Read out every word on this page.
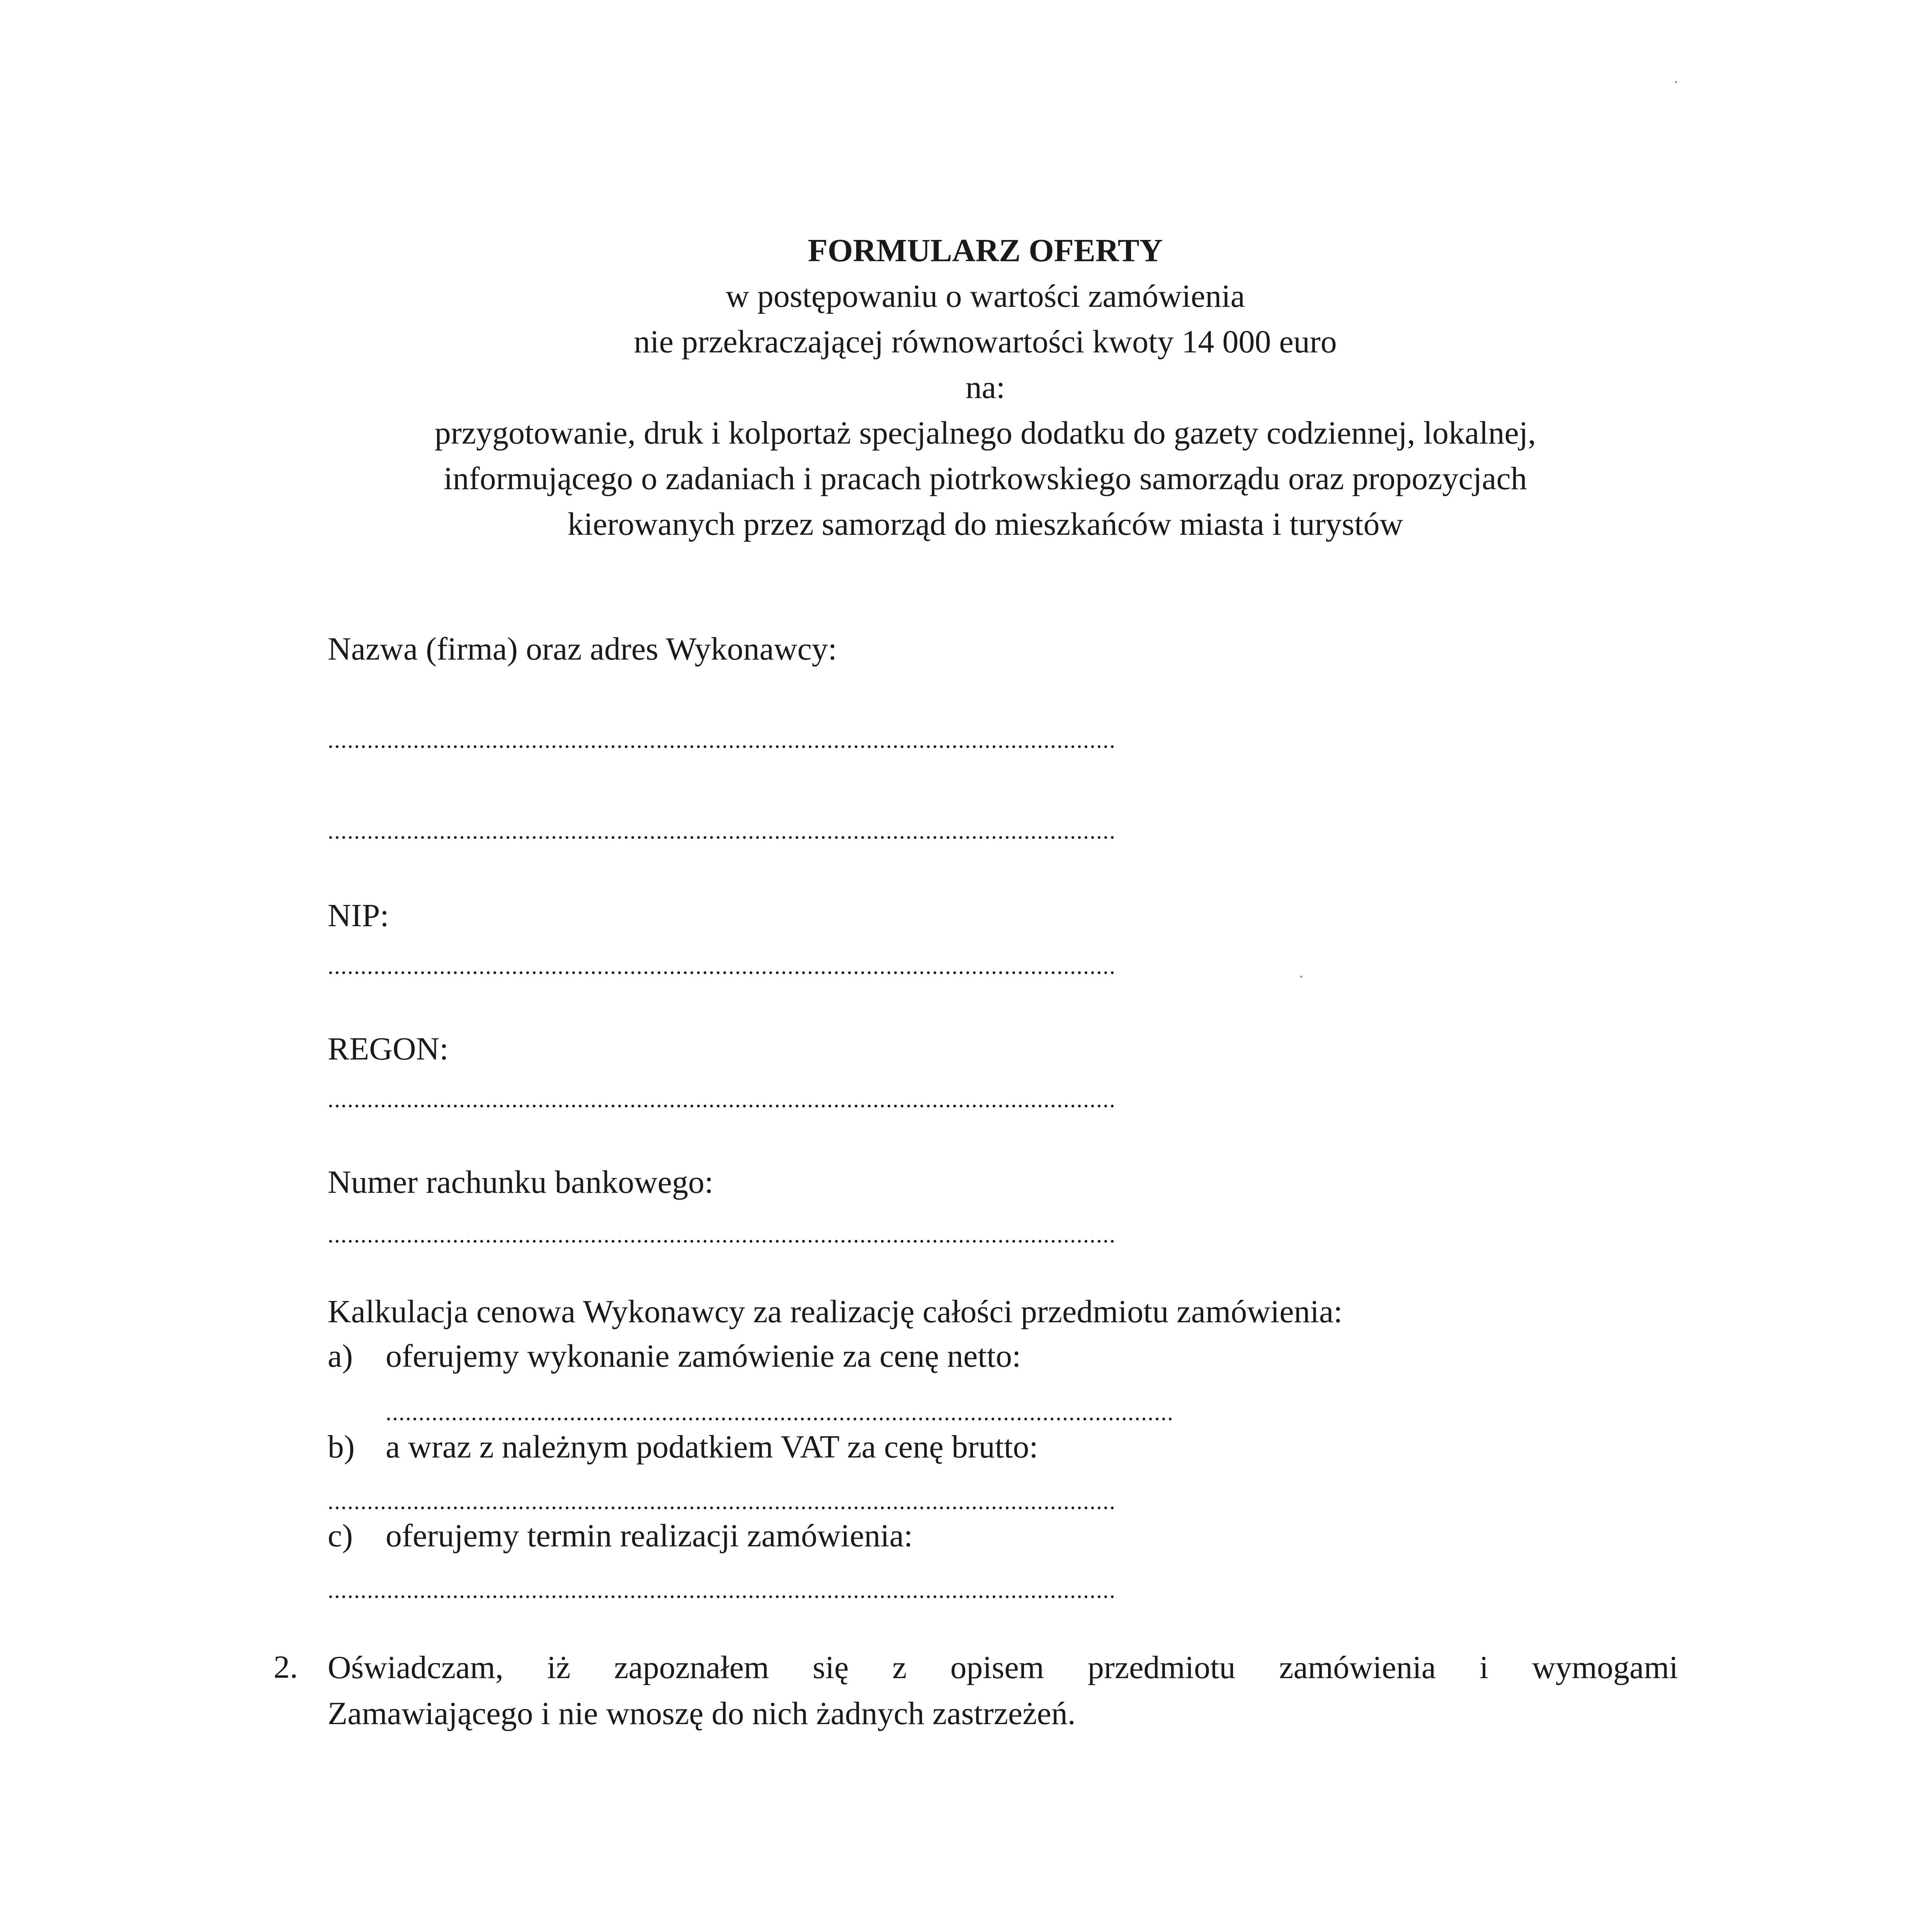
FORMULARZ OFERTY
w postępowaniu o wartości zamówienia
nie przekraczającej równowartości kwoty 14 000 euro
na:
przygotowanie, druk i kolportaż specjalnego dodatku do gazety codziennej, lokalnej,
informującego o zadaniach i pracach piotrkowskiego samorządu oraz propozycjach
kierowanych przez samorząd do mieszkańców miasta i turystów
Nazwa (firma) oraz adres Wykonawcy:
........................................................................................................................
........................................................................................................................
NIP:
........................................................................................................................
REGON:
........................................................................................................................
Numer rachunku bankowego:
........................................................................................................................
Kalkulacja cenowa Wykonawcy za realizację całości przedmiotu zamówienia:
a) oferujemy wykonanie zamówienie za cenę netto:
........................................................................................................................
b) a wraz z należnym podatkiem VAT za cenę brutto:
........................................................................................................................
c) oferujemy termin realizacji zamówienia:
........................................................................................................................
2. Oświadczam, iż zapoznałem się z opisem przedmiotu zamówienia i wymogami
Zamawiającego i nie wnoszę do nich żadnych zastrzeżeń.
